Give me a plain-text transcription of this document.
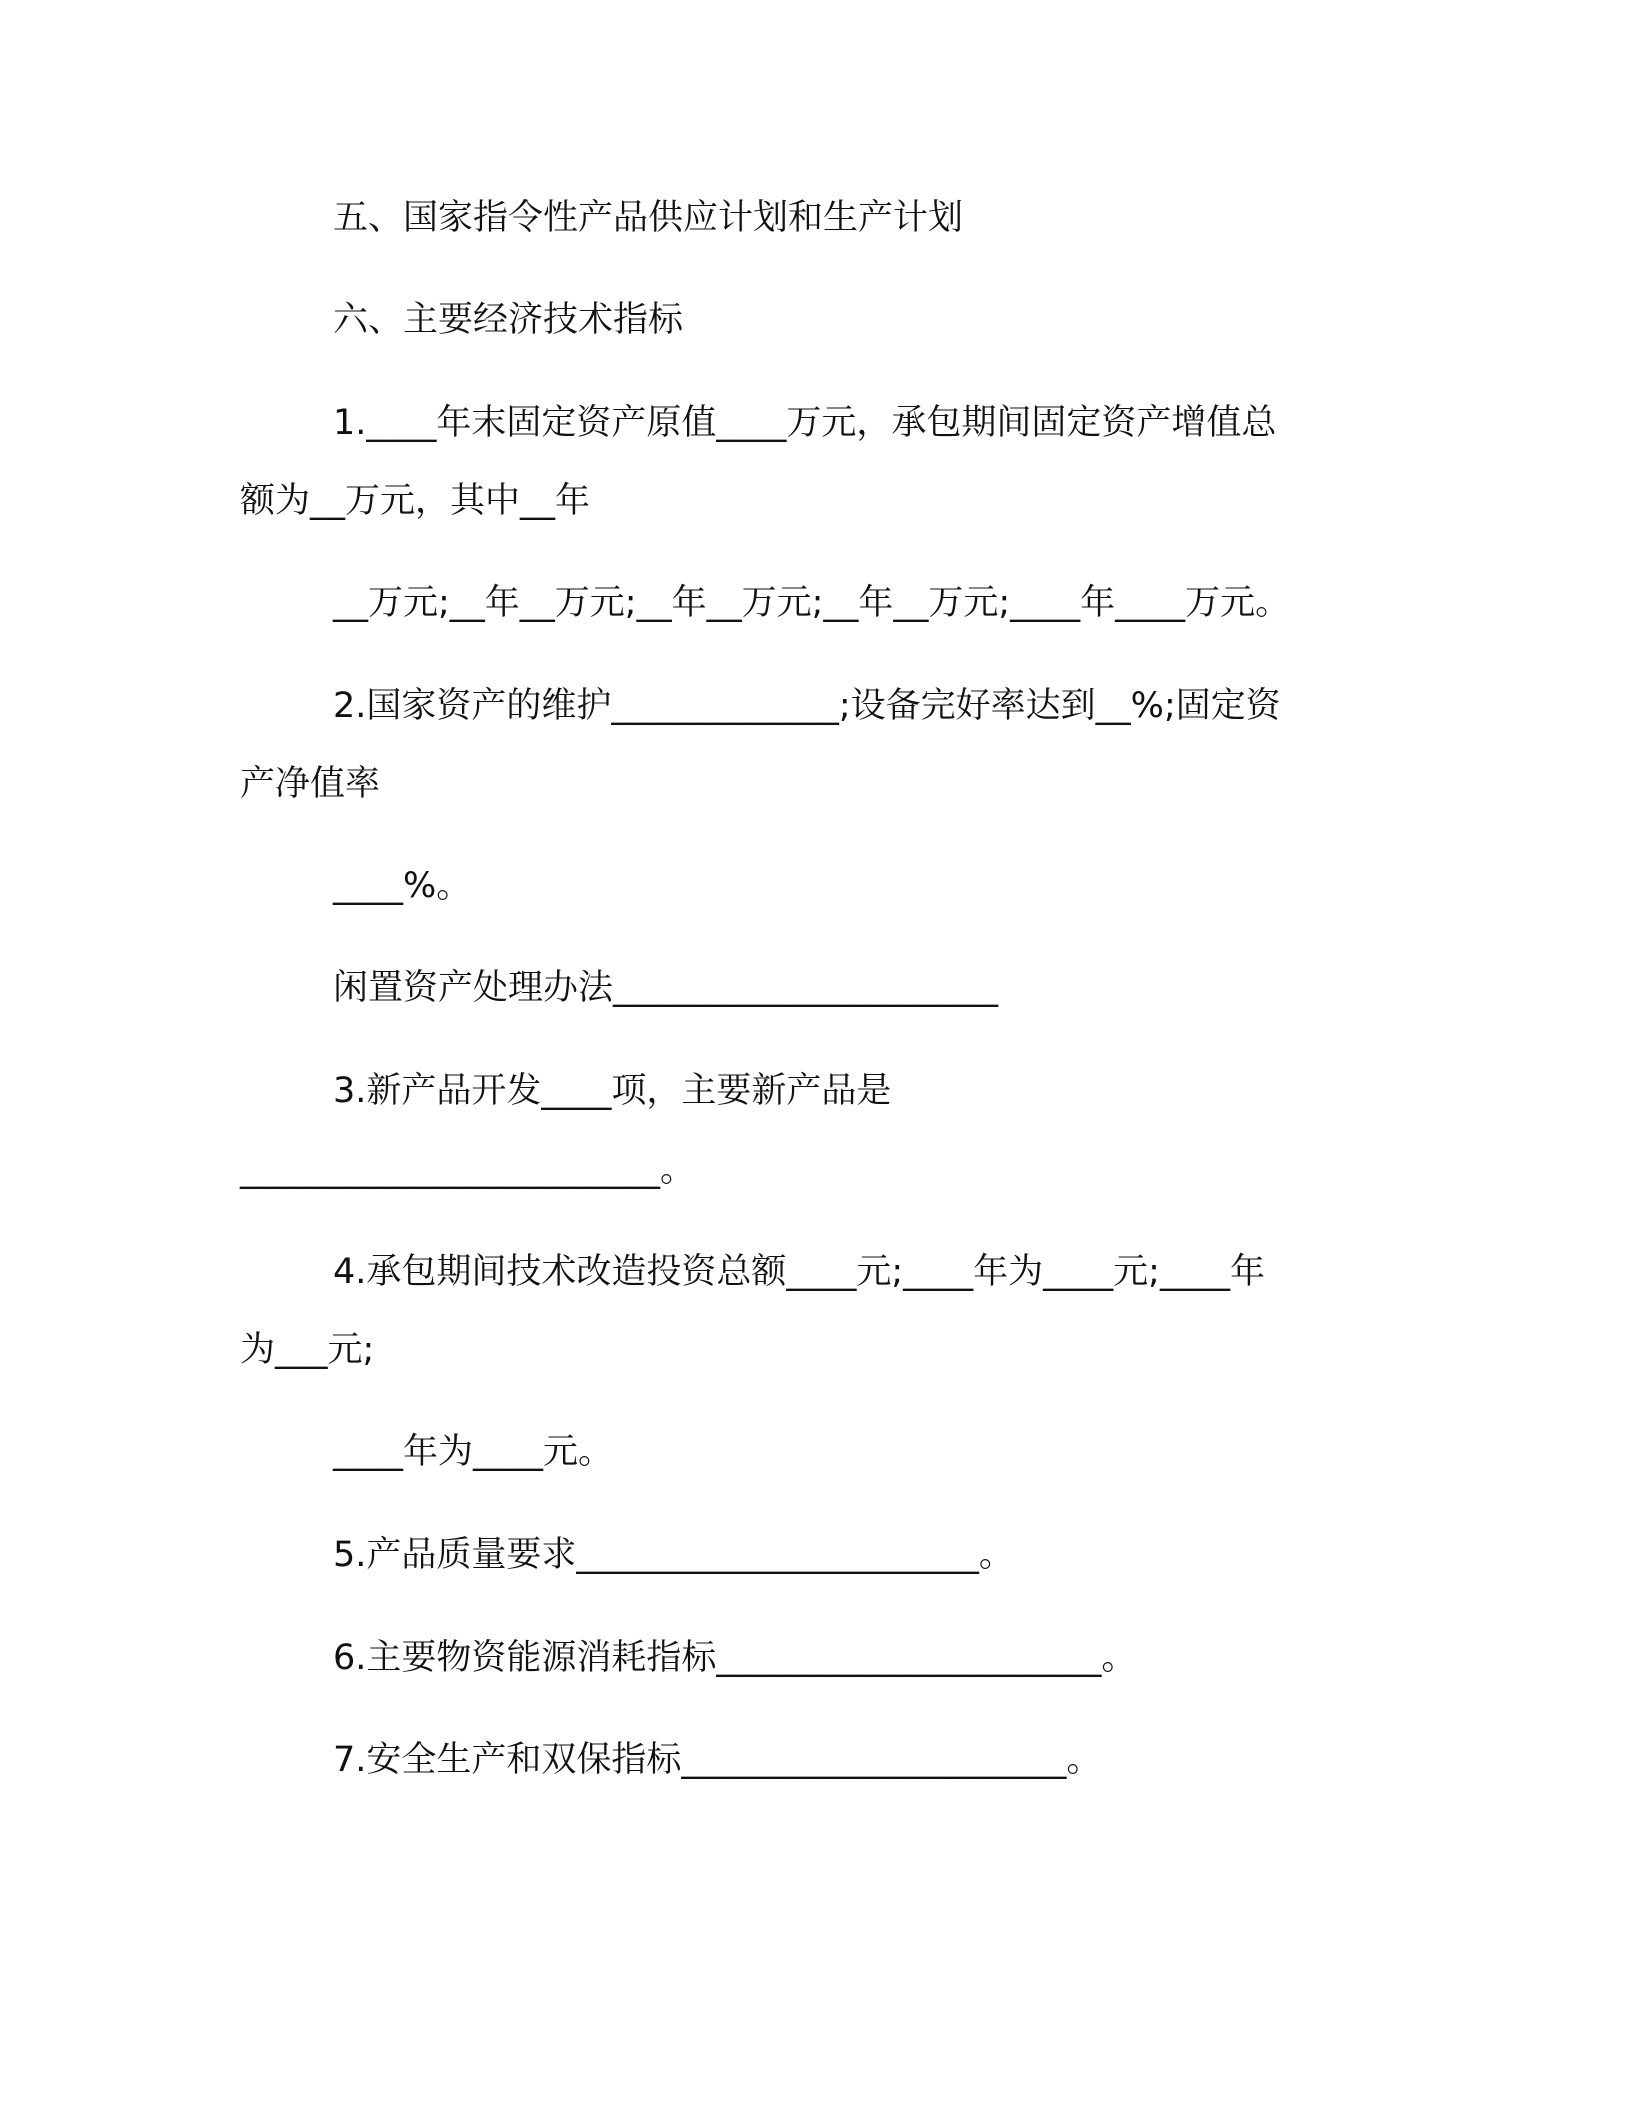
五、国家指令性产品供应计划和生产计划
六、主要经济技术指标
1.____年末固定资产原值____万元，承包期间固定资产增值总
额为__万元，其中__年
__万元;__年__万元;__年__万元;__年__万元;____年____万元。
2.国家资产的维护_____________;设备完好率达到__%;固定资
产净值率
____%。
闲置资产处理办法______________________
3.新产品开发____项，主要新产品是
________________________。
4.承包期间技术改造投资总额____元;____年为____元;____年
为___元;
____年为____元。
5.产品质量要求_______________________。
6.主要物资能源消耗指标______________________。
7.安全生产和双保指标______________________。
